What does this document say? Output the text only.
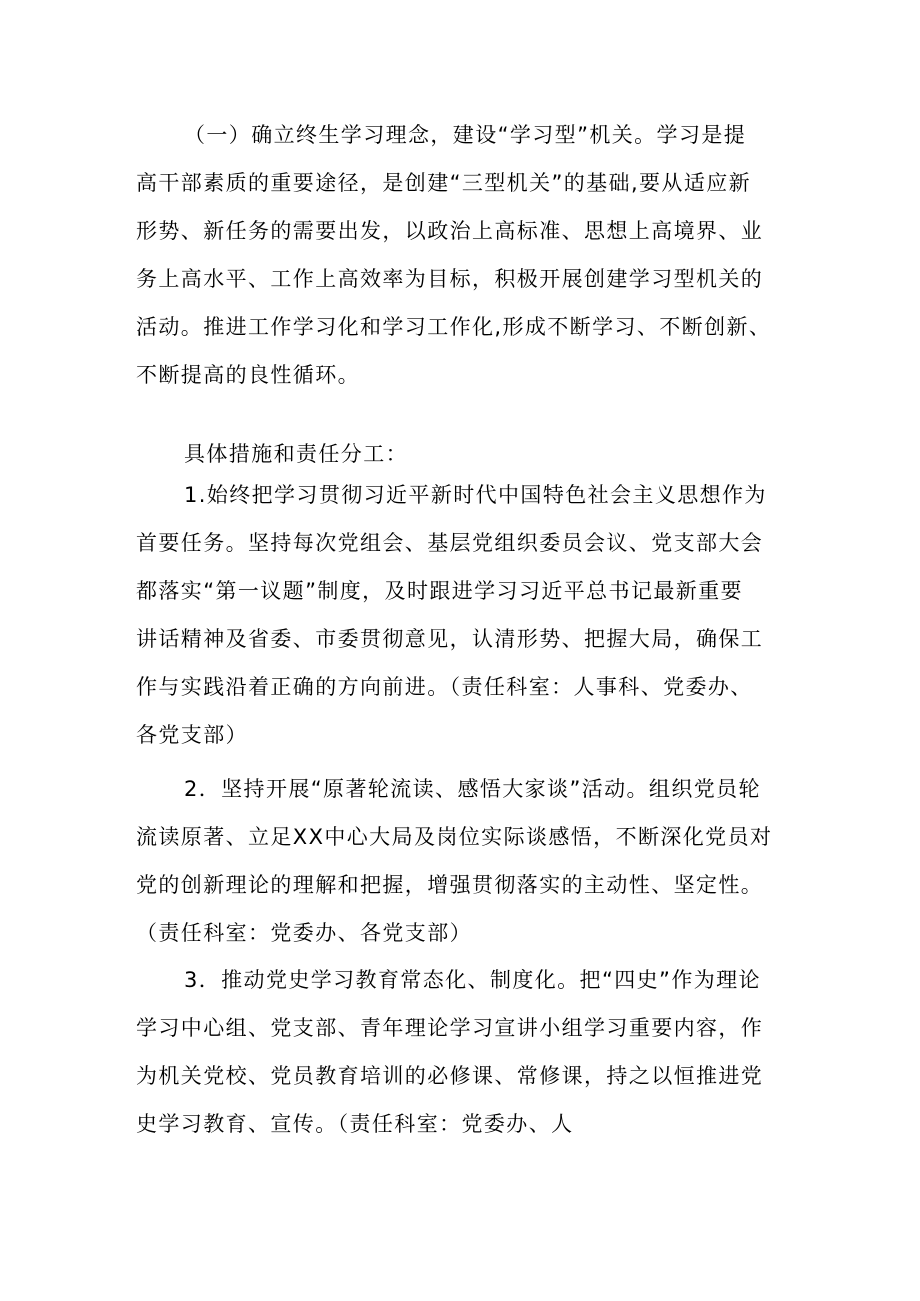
（一）确立终生学习理念，建设“学习型”机关。学习是提
高干部素质的重要途径，是创建“三型机关”的基础,要从适应新
形势、新任务的需要出发，以政治上高标准、思想上高境界、业
务上高水平、工作上高效率为目标，积极开展创建学习型机关的
活动。推进工作学习化和学习工作化,形成不断学习、不断创新、
不断提高的良性循环。
具体措施和责任分工：
1.始终把学习贯彻习近平新时代中国特色社会主义思想作为
首要任务。坚持每次党组会、基层党组织委员会议、党支部大会
都落实“第一议题”制度，及时跟进学习习近平总书记最新重要
讲话精神及省委、市委贯彻意见，认清形势、把握大局，确保工
作与实践沿着正确的方向前进。（责任科室：人事科、党委办、
各党支部）
2．坚持开展“原著轮流读、感悟大家谈”活动。组织党员轮
流读原著、立足XX中心大局及岗位实际谈感悟，不断深化党员对
党的创新理论的理解和把握，增强贯彻落实的主动性、坚定性。
（责任科室：党委办、各党支部）
3．推动党史学习教育常态化、制度化。把“四史”作为理论
学习中心组、党支部、青年理论学习宣讲小组学习重要内容，作
为机关党校、党员教育培训的必修课、常修课，持之以恒推进党
史学习教育、宣传。（责任科室：党委办、人
